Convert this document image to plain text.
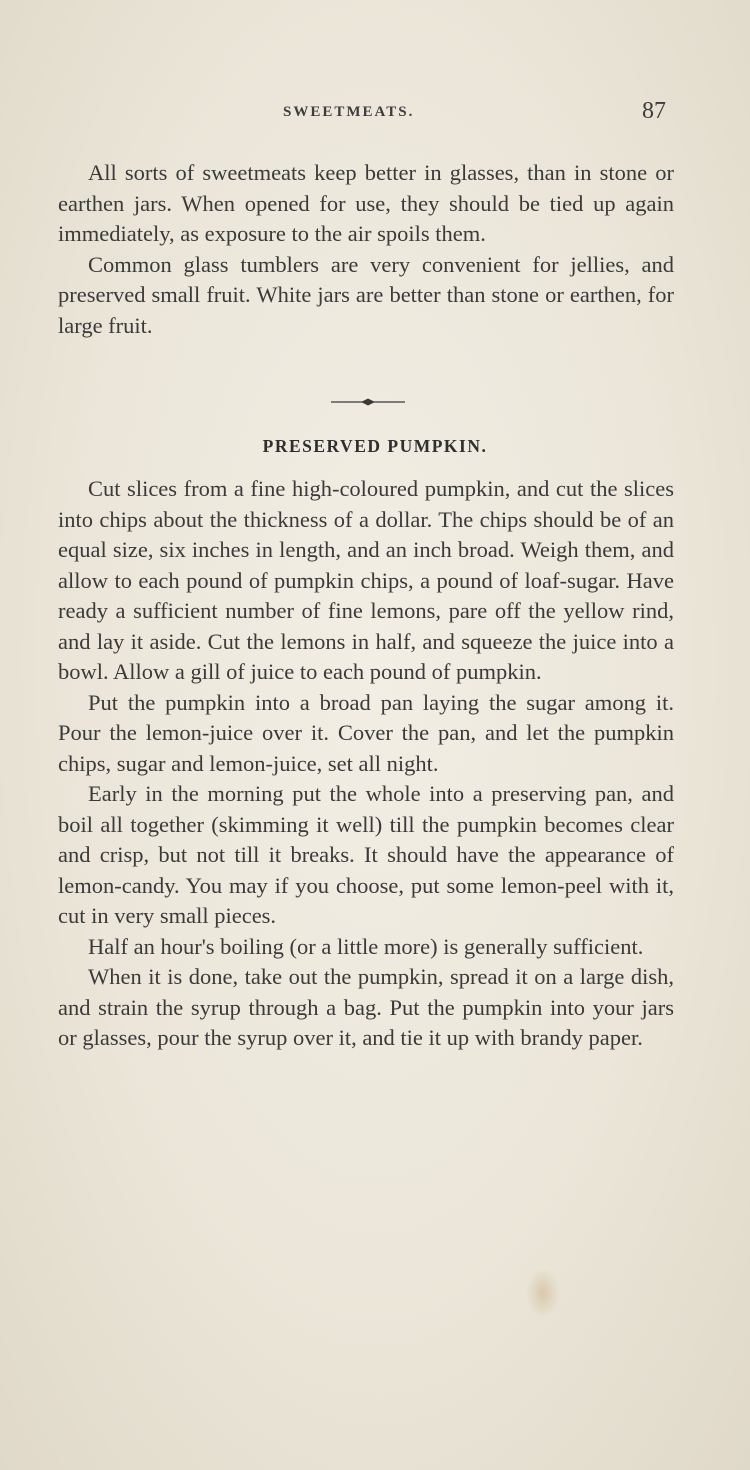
SWEETMEATS.	87

All sorts of sweetmeats keep better in glasses, than in stone or earthen jars. When opened for use, they should be tied up again immediately, as exposure to the air spoils them.

Common glass tumblers are very convenient for jellies, and preserved small fruit. White jars are better than stone or earthen, for large fruit.

PRESERVED PUMPKIN.

Cut slices from a fine high-coloured pumpkin, and cut the slices into chips about the thickness of a dollar. The chips should be of an equal size, six inches in length, and an inch broad. Weigh them, and allow to each pound of pumpkin chips, a pound of loaf-sugar. Have ready a sufficient number of fine lemons, pare off the yellow rind, and lay it aside. Cut the lemons in half, and squeeze the juice into a bowl. Allow a gill of juice to each pound of pumpkin.

Put the pumpkin into a broad pan laying the sugar among it. Pour the lemon-juice over it. Cover the pan, and let the pumpkin chips, sugar and lemon-juice, set all night.

Early in the morning put the whole into a preserving pan, and boil all together (skimming it well) till the pumpkin becomes clear and crisp, but not till it breaks. It should have the appearance of lemon-candy. You may if you choose, put some lemon-peel with it, cut in very small pieces.

Half an hour's boiling (or a little more) is generally sufficient.

When it is done, take out the pumpkin, spread it on a large dish, and strain the syrup through a bag. Put the pumpkin into your jars or glasses, pour the syrup over it, and tie it up with brandy paper.
